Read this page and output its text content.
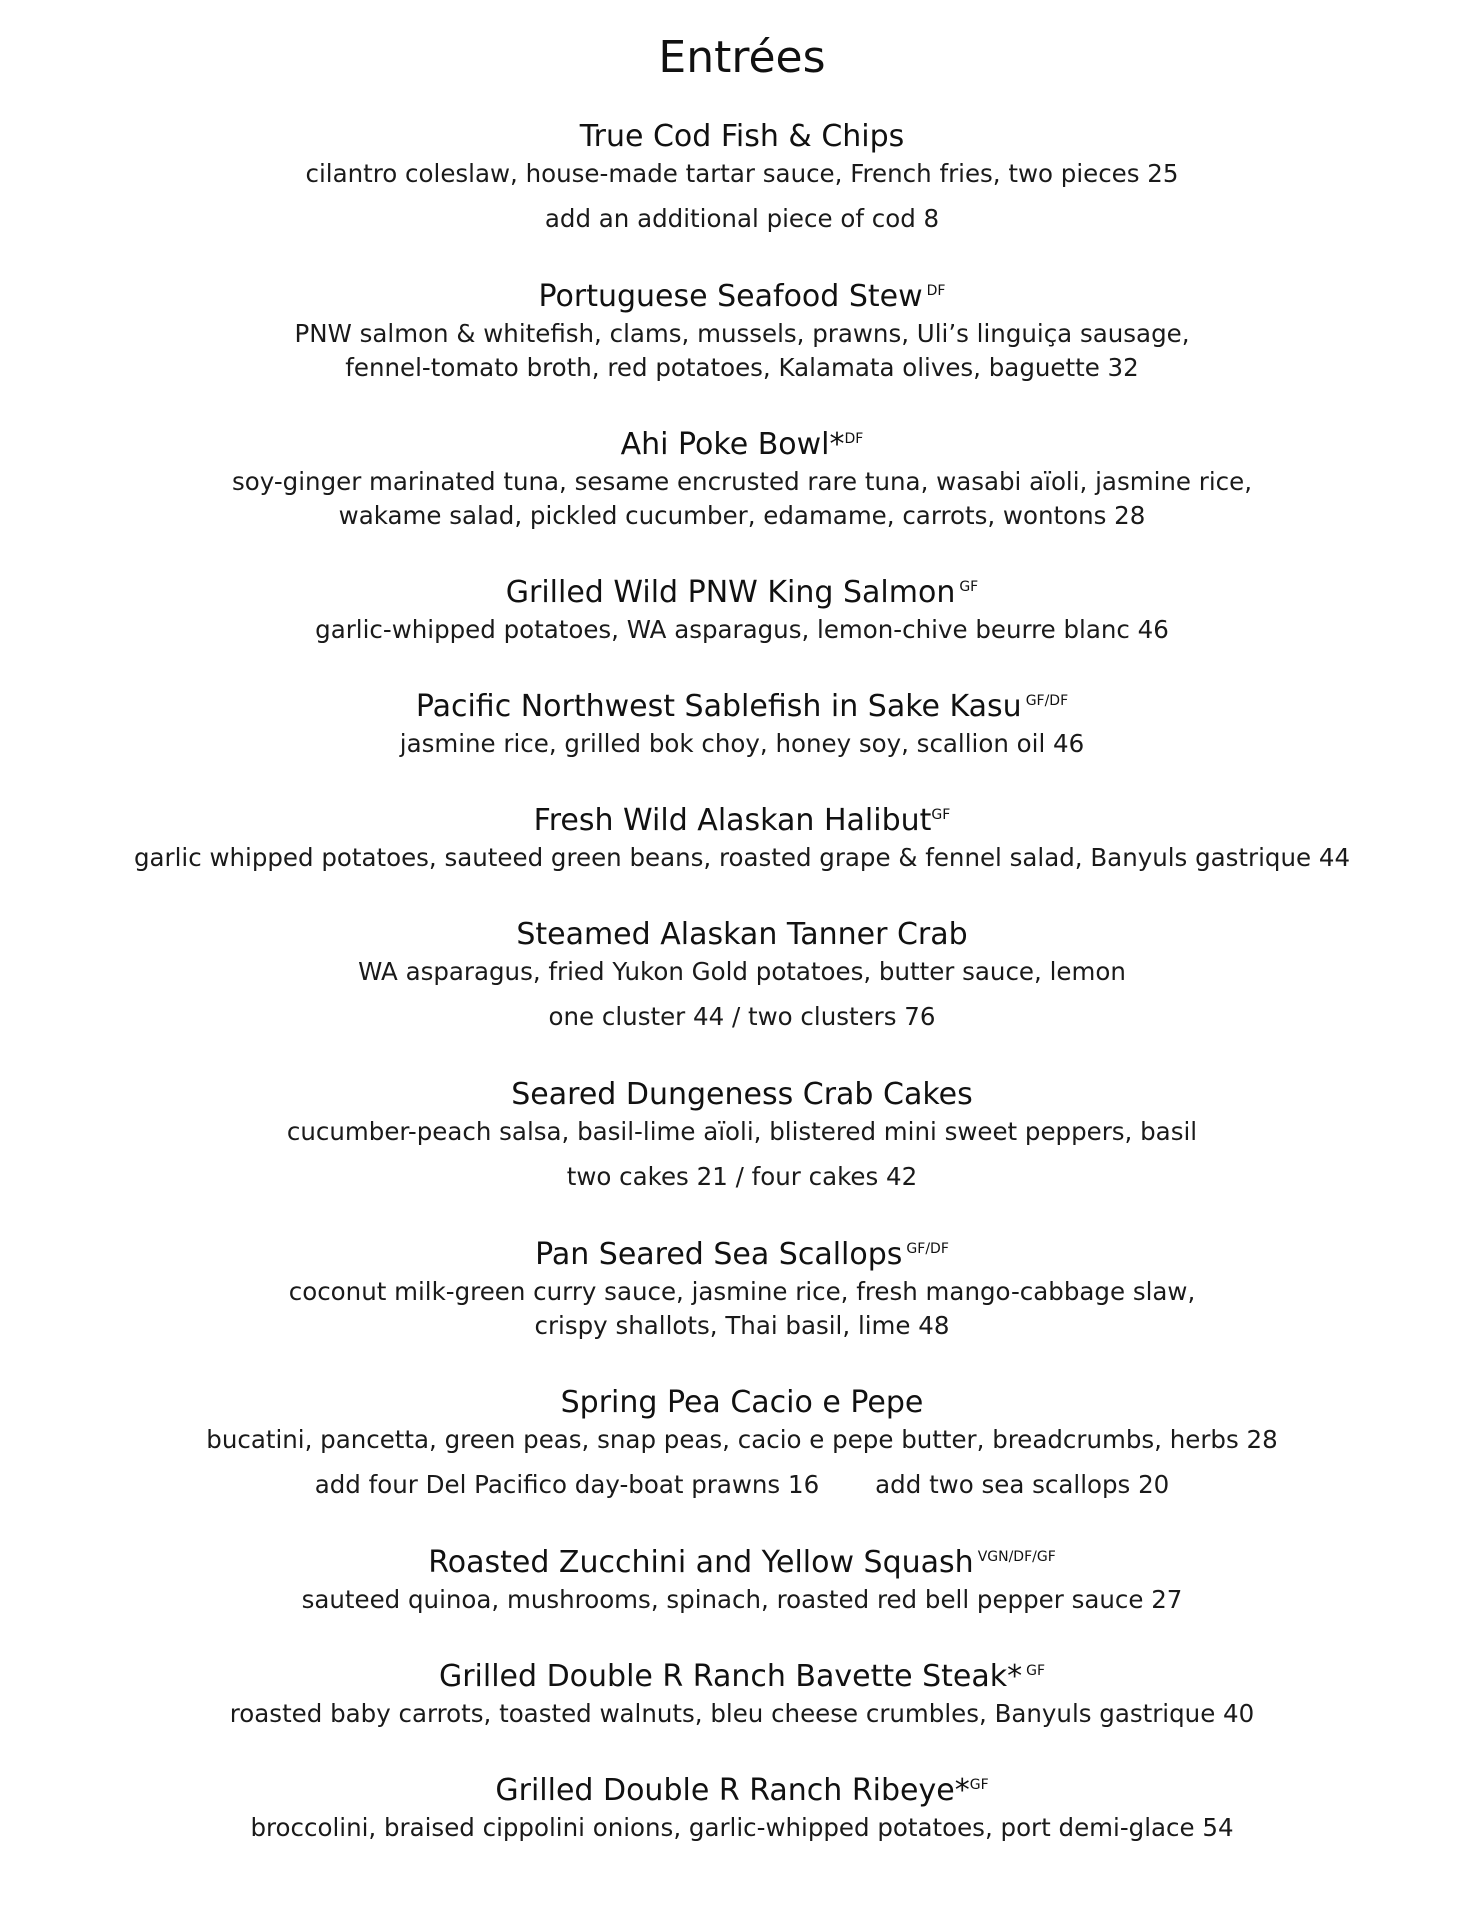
Entrées
True Cod Fish & Chips
cilantro coleslaw, house-made tartar sauce, French fries, two pieces 25
add an additional piece of cod 8
Portuguese Seafood Stew $^{DF}$
PNW salmon & whitefish, clams, mussels, prawns, Uli’s linguiça sausage,
fennel-tomato broth, red potatoes, Kalamata olives, baguette 32
Ahi Poke Bowl*$^{DF}$
soy-ginger marinated tuna, sesame encrusted rare tuna, wasabi aïoli, jasmine rice,
wakame salad, pickled cucumber, edamame, carrots, wontons 28
Grilled Wild PNW King Salmon $^{GF}$
garlic-whipped potatoes, WA asparagus, lemon-chive beurre blanc 46
Pacific Northwest Sablefish in Sake Kasu $^{GF/DF}$
jasmine rice, grilled bok choy, honey soy, scallion oil 46
Fresh Wild Alaskan Halibut$^{GF}$
garlic whipped potatoes, sauteed green beans, roasted grape & fennel salad, Banyuls gastrique 44
Steamed Alaskan Tanner Crab
WA asparagus, fried Yukon Gold potatoes, butter sauce, lemon
one cluster 44 / two clusters 76
Seared Dungeness Crab Cakes
cucumber-peach salsa, basil-lime aïoli, blistered mini sweet peppers, basil
two cakes 21 / four cakes 42
Pan Seared Sea Scallops $^{GF/DF}$
coconut milk-green curry sauce, jasmine rice, fresh mango-cabbage slaw,
crispy shallots, Thai basil, lime 48
Spring Pea Cacio e Pepe
bucatini, pancetta, green peas, snap peas, cacio e pepe butter, breadcrumbs, herbs 28
add four Del Pacifico day-boat prawns 16 add two sea scallops 20
Roasted Zucchini and Yellow Squash $^{VGN/DF/GF}$
sauteed quinoa, mushrooms, spinach, roasted red bell pepper sauce 27
Grilled Double R Ranch Bavette Steak* $^{GF}$
roasted baby carrots, toasted walnuts, bleu cheese crumbles, Banyuls gastrique 40
Grilled Double R Ranch Ribeye*$^{GF}$
broccolini, braised cippolini onions, garlic-whipped potatoes, port demi-glace 54
